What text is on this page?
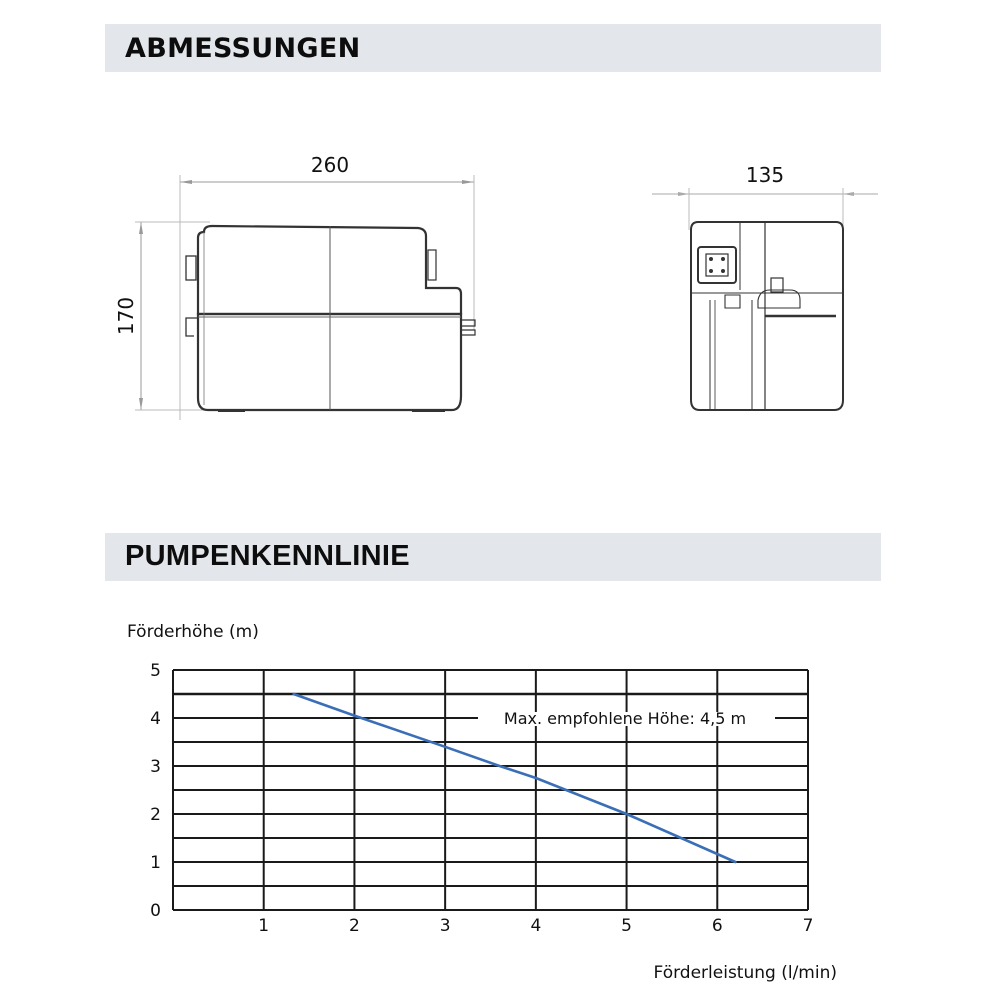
ABMESSUNGEN
260
170
135
PUMPENKENNLINIE
Förderhöhe (m)
Förderleistung (l/min)
0
1
2
3
4
5
1	2	3	4	5	6	7
Max. empfohlene Höhe: 4,5 m
